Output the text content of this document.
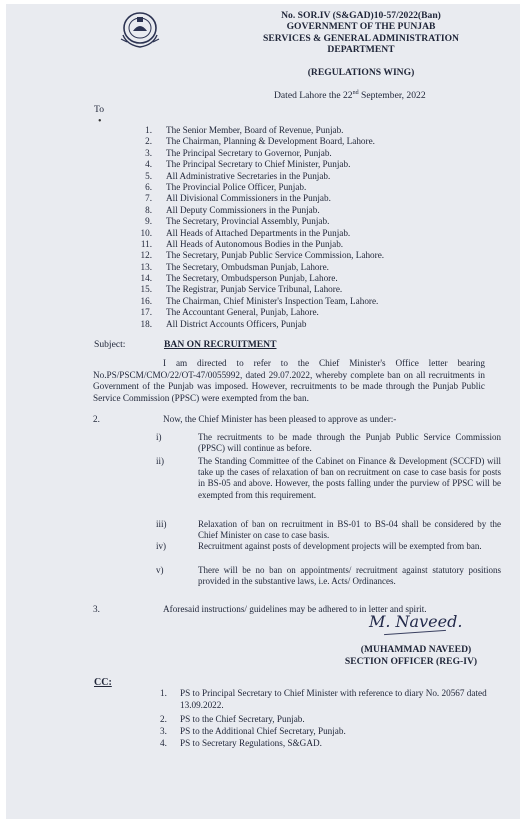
No. SOR.IV (S&GAD)10-57/2022(Ban)
GOVERNMENT OF THE PUNJAB
SERVICES & GENERAL ADMINISTRATION
DEPARTMENT
(REGULATIONS WING)
Dated Lahore the 22nd September, 2022
To
•
1.	The Senior Member, Board of Revenue, Punjab.
2.	The Chairman, Planning & Development Board, Lahore.
3.	The Principal Secretary to Governor, Punjab.
4.	The Principal Secretary to Chief Minister, Punjab.
5.	All Administrative Secretaries in the Punjab.
6.	The Provincial Police Officer, Punjab.
7.	All Divisional Commissioners in the Punjab.
8.	All Deputy Commissioners in the Punjab.
9.	The Secretary, Provincial Assembly, Punjab.
10.	All Heads of Attached Departments in the Punjab.
11.	All Heads of Autonomous Bodies in the Punjab.
12.	The Secretary, Punjab Public Service Commission, Lahore.
13.	The Secretary, Ombudsman Punjab, Lahore.
14.	The Secretary, Ombudsperson Punjab, Lahore.
15.	The Registrar, Punjab Service Tribunal, Lahore.
16.	The Chairman, Chief Minister's Inspection Team, Lahore.
17.	The Accountant General, Punjab, Lahore.
18.	All District Accounts Officers, Punjab
Subject:	BAN ON RECRUITMENT
I am directed to refer to the Chief Minister's Office letter bearing No.PS/PSCM/CMO/22/OT-47/0055992, dated 29.07.2022, whereby complete ban on all recruitments in Government of the Punjab was imposed. However, recruitments to be made through the Punjab Public Service Commission (PPSC) were exempted from the ban.
2.	Now, the Chief Minister has been pleased to approve as under:-
i)	The recruitments to be made through the Punjab Public Service Commission (PPSC) will continue as before.
ii)	The Standing Committee of the Cabinet on Finance & Development (SCCFD) will take up the cases of relaxation of ban on recruitment on case to case basis for posts in BS-05 and above. However, the posts falling under the purview of PPSC will be exempted from this requirement.
iii)	Relaxation of ban on recruitment in BS-01 to BS-04 shall be considered by the Chief Minister on case to case basis.
iv)	Recruitment against posts of development projects will be exempted from ban.
v)	There will be no ban on appointments/ recruitment against statutory positions provided in the substantive laws, i.e. Acts/ Ordinances.
3.	Aforesaid instructions/ guidelines may be adhered to in letter and spirit.
M. Naveed.
(MUHAMMAD NAVEED)
SECTION OFFICER (REG-IV)
CC:
1.	PS to Principal Secretary to Chief Minister with reference to diary No. 20567 dated 13.09.2022.
2.	PS to the Chief Secretary, Punjab.
3.	PS to the Additional Chief Secretary, Punjab.
4.	PS to Secretary Regulations, S&GAD.
